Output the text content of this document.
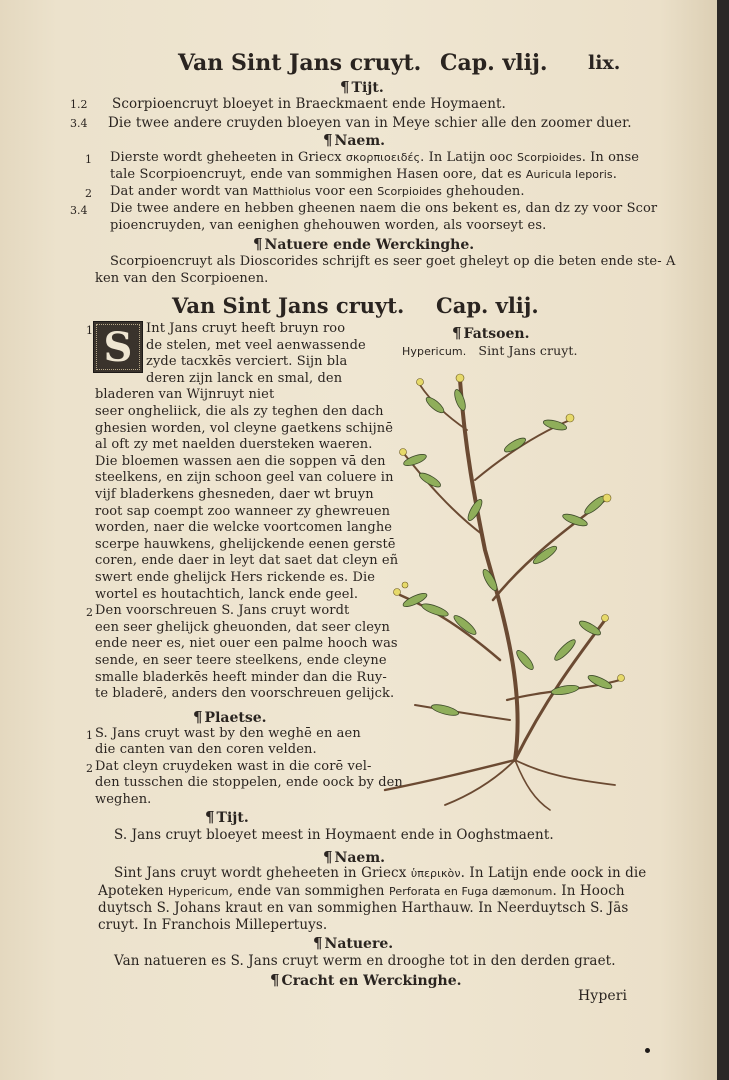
Van Sint Jans cruyt. Cap. vlij. lix.
¶ Tijt.
1.2 Scorpioencruyt bloeyet in Braeckmaent ende Hoymaent.
3.4 Die twee andere cruyden bloeyen van in Meye schier alle den zoomer duer.
¶ Naem.
1 Dierste wordt gheheeten in Griecx σκορπιοειδές. In Latijn ooc Scorpioides. In onse
tale Scorpioencruyt, ende van sommighen Hasen oore, dat es Auricula leporis.
2 Dat ander wordt van Matthiolus voor een Scorpioides ghehouden.
3.4 Die twee andere en hebben gheenen naem die ons bekent es, dan dz zy voor Scor
pioencruyden, van eenighen ghehouwen worden, als voorseyt es.
¶ Natuere ende Werckinghe.
Scorpioencruyt als Dioscorides schrijft es seer goet gheleyt op die beten ende ste- A
ken van den Scorpioenen.
Van Sint Jans cruyt. Cap. vlij.
S	¶ Fatsoen.
Hypericum. Sint Jans cruyt.
1	Int Jans cruyt heeft bruyn roo
de stelen, met veel aenwassende
zyde tacxkēs verciert. Sijn bla
deren zijn lanck en smal, den
bladeren van Wijnruyt niet
seer ongheliick, die als zy teghen den dach
ghesien worden, vol cleyne gaetkens schijnē
al oft zy met naelden duersteken waeren.
Die bloemen wassen aen die soppen vā den
steelkens, en zijn schoon geel van coluere in
vijf bladerkens ghesneden, daer wt bruyn
root sap coempt zoo wanneer zy ghewreuen
worden, naer die welcke voortcomen langhe
scerpe hauwkens, ghelijckende eenen gerstē
coren, ende daer in leyt dat saet dat cleyn eñ
swert ende ghelijck Hers rickende es. Die
wortel es houtachtich, lanck ende geel.
2 Den voorschreuen S. Jans cruyt wordt
een seer ghelijck gheuonden, dat seer cleyn
ende neer es, niet ouer een palme hooch was
sende, en seer teere steelkens, ende cleyne
smalle bladerkēs heeft minder dan die Ruy-
te bladerē, anders den voorschreuen gelijck.
¶ Plaetse.
1 S. Jans cruyt wast by den weghē en aen
die canten van den coren velden.
2 Dat cleyn cruydeken wast in die corē vel-
den tusschen die stoppelen, ende oock by den
weghen.
¶ Tijt.
S. Jans cruyt bloeyet meest in Hoymaent ende in Ooghstmaent.
¶ Naem.
Sint Jans cruyt wordt gheheeten in Griecx ὑπερικὸν. In Latijn ende oock in die
Apoteken Hypericum, ende van sommighen Perforata en Fuga dæmonum. In Hooch
duytsch S. Johans kraut en van sommighen Harthauw. In Neerduytsch S. Jās
cruyt. In Franchois Millepertuys.
¶ Natuere.
Van natueren es S. Jans cruyt werm en drooghe tot in den derden graet.
¶ Cracht en Werckinghe.
Hyperi
